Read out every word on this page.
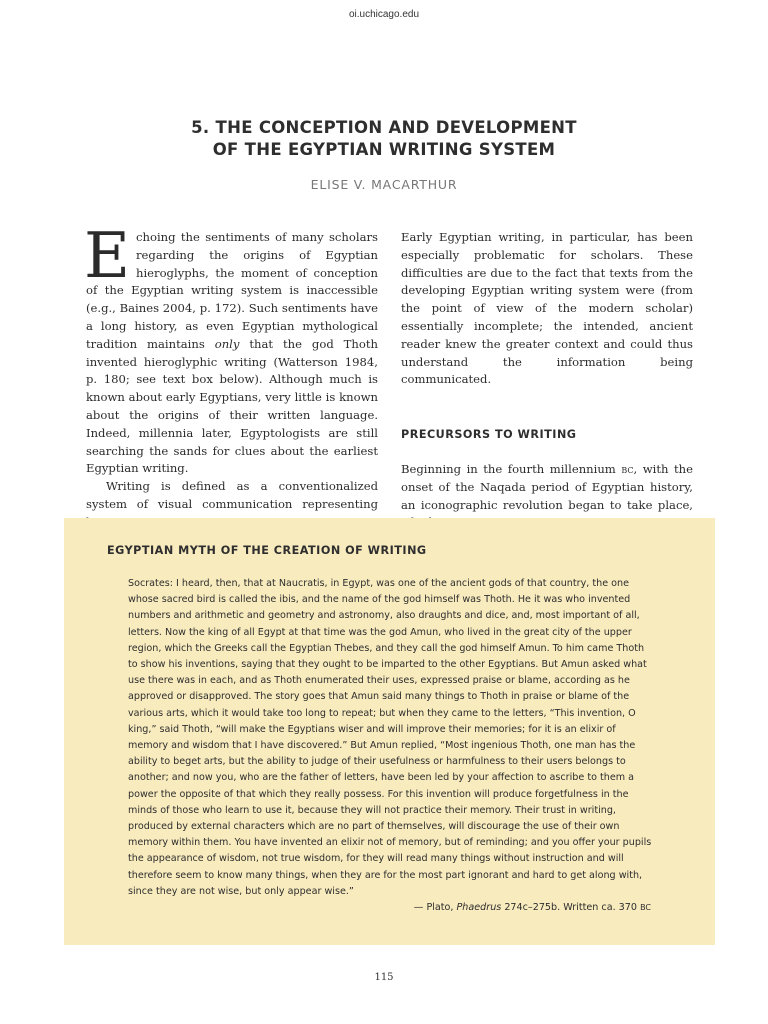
oi.uchicago.edu
5. THE CONCEPTION AND DEVELOPMENT
OF THE EGYPTIAN WRITING SYSTEM
ELISE V. MACARTHUR

Echoing the sentiments of many scholars regarding the origins of Egyptian hieroglyphs, the moment of conception of the Egyptian writing system is inaccessible (e.g., Baines 2004, p. 172). Such sentiments have a long history, as even Egyptian mythological tradition maintains only that the god Thoth invented hieroglyphic writing (Watterson 1984, p. 180; see text box below). Although much is known about early Egyptians, very little is known about the origins of their written language. Indeed, millennia later, Egyptologists are still searching the sands for clues about the earliest Egyptian writing.

Writing is defined as a conventionalized system of visual communication representing

Early Egyptian writing, in particular, has been especially problematic for scholars. These difficulties are due to the fact that texts from the developing Egyptian writing system were (from the point of view of the modern scholar) essentially incomplete; the intended, ancient reader knew the greater context and could thus understand the information being communicated.

PRECURSORS TO WRITING

Beginning in the fourth millennium bc, with the onset of the Naqada period of Egyptian history, an iconographic revolution began to take place,

EGYPTIAN MYTH OF THE CREATION OF WRITING
Socrates: I heard, then, that at Naucratis, in Egypt, was one of the ancient gods of that country, the one whose sacred bird is called the ibis, and the name of the god himself was Thoth. He it was who invented numbers and arithmetic and geometry and astronomy, also draughts and dice, and, most important of all, letters. Now the king of all Egypt at that time was the god Amun, who lived in the great city of the upper region, which the Greeks call the Egyptian Thebes, and they call the god himself Amun. To him came Thoth to show his inventions, saying that they ought to be imparted to the other Egyptians. But Amun asked what use there was in each, and as Thoth enumerated their uses, expressed praise or blame, according as he approved or disapproved. The story goes that Amun said many things to Thoth in praise or blame of the various arts, which it would take too long to repeat; but when they came to the letters, “This invention, O king,” said Thoth, “will make the Egyptians wiser and will improve their memories; for it is an elixir of memory and wisdom that I have discovered.” But Amun replied, “Most ingenious Thoth, one man has the ability to beget arts, but the ability to judge of their usefulness or harmfulness to their users belongs to another; and now you, who are the father of letters, have been led by your affection to ascribe to them a power the opposite of that which they really possess. For this invention will produce forgetfulness in the minds of those who learn to use it, because they will not practice their memory. Their trust in writing, produced by external characters which are no part of themselves, will discourage the use of their own memory within them. You have invented an elixir not of memory, but of reminding; and you offer your pupils the appearance of wisdom, not true wisdom, for they will read many things without instruction and will therefore seem to know many things, when they are for the most part ignorant and hard to get along with, since they are not wise, but only appear wise.”
— Plato, Phaedrus 274c–275b. Written ca. 370 bc
115
